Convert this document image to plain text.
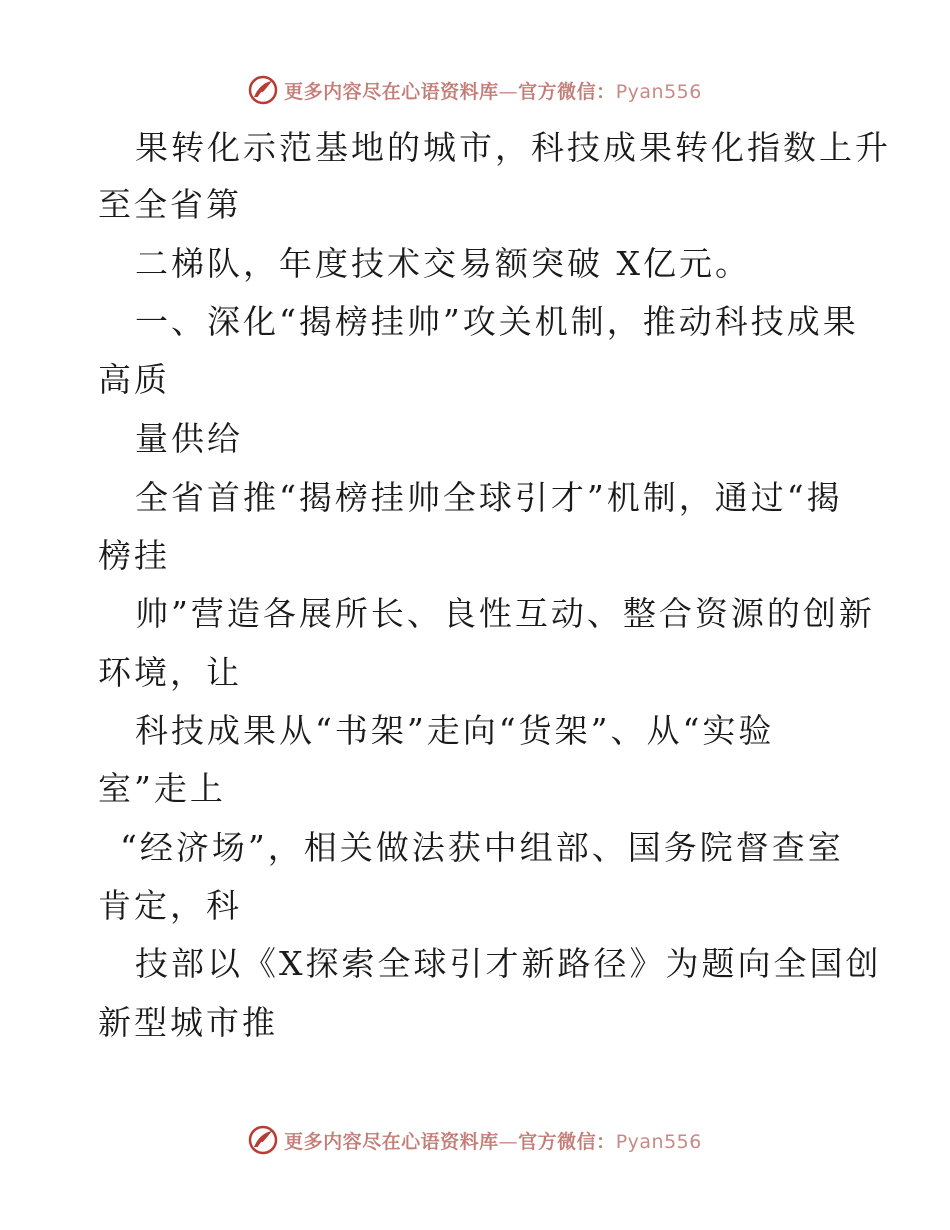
更多内容尽在心语资料库—官方微信：Pyan556
果转化示范基地的城市，科技成果转化指数上升
至全省第
二梯队，年度技术交易额突破 X亿元。
一、深化“揭榜挂帅”攻关机制，推动科技成果
高质
量供给
全省首推“揭榜挂帅全球引才”机制，通过“揭
榜挂
帅”营造各展所长、良性互动、整合资源的创新
环境，让
科技成果从“书架”走向“货架”、从“实验
室”走上
“经济场”，相关做法获中组部、国务院督查室
肯定，科
技部以《X探索全球引才新路径》为题向全国创
新型城市推
更多内容尽在心语资料库—官方微信：Pyan556
